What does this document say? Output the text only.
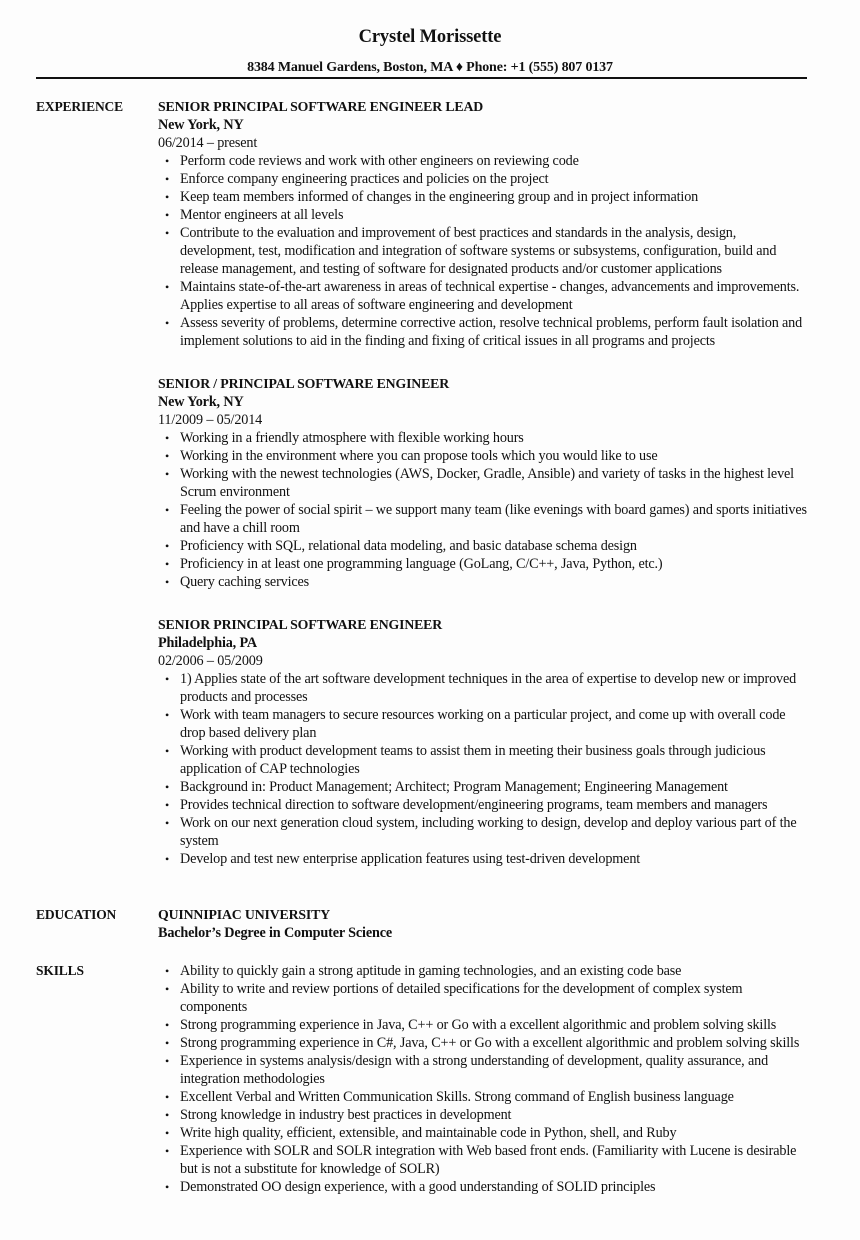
Crystel Morissette
8384 Manuel Gardens, Boston, MA ♦ Phone: +1 (555) 807 0137
EXPERIENCE	SENIOR PRINCIPAL SOFTWARE ENGINEER LEAD
New York, NY
06/2014 – present
• Perform code reviews and work with other engineers on reviewing code
• Enforce company engineering practices and policies on the project
• Keep team members informed of changes in the engineering group and in project information
• Mentor engineers at all levels
• Contribute to the evaluation and improvement of best practices and standards in the analysis, design, development, test, modification and integration of software systems or subsystems, configuration, build and release management, and testing of software for designated products and/or customer applications
• Maintains state-of-the-art awareness in areas of technical expertise - changes, advancements and improvements. Applies expertise to all areas of software engineering and development
• Assess severity of problems, determine corrective action, resolve technical problems, perform fault isolation and implement solutions to aid in the finding and fixing of critical issues in all programs and projects
SENIOR / PRINCIPAL SOFTWARE ENGINEER
New York, NY
11/2009 – 05/2014
• Working in a friendly atmosphere with flexible working hours
• Working in the environment where you can propose tools which you would like to use
• Working with the newest technologies (AWS, Docker, Gradle, Ansible) and variety of tasks in the highest level Scrum environment
• Feeling the power of social spirit – we support many team (like evenings with board games) and sports initiatives and have a chill room
• Proficiency with SQL, relational data modeling, and basic database schema design
• Proficiency in at least one programming language (GoLang, C/C++, Java, Python, etc.)
• Query caching services
SENIOR PRINCIPAL SOFTWARE ENGINEER
Philadelphia, PA
02/2006 – 05/2009
• 1) Applies state of the art software development techniques in the area of expertise to develop new or improved products and processes
• Work with team managers to secure resources working on a particular project, and come up with overall code drop based delivery plan
• Working with product development teams to assist them in meeting their business goals through judicious application of CAP technologies
• Background in: Product Management; Architect; Program Management; Engineering Management
• Provides technical direction to software development/engineering programs, team members and managers
• Work on our next generation cloud system, including working to design, develop and deploy various part of the system
• Develop and test new enterprise application features using test-driven development
EDUCATION	QUINNIPIAC UNIVERSITY
Bachelor’s Degree in Computer Science
SKILLS	• Ability to quickly gain a strong aptitude in gaming technologies, and an existing code base
• Ability to write and review portions of detailed specifications for the development of complex system components
• Strong programming experience in Java, C++ or Go with a excellent algorithmic and problem solving skills
• Strong programming experience in C#, Java, C++ or Go with a excellent algorithmic and problem solving skills
• Experience in systems analysis/design with a strong understanding of development, quality assurance, and integration methodologies
• Excellent Verbal and Written Communication Skills. Strong command of English business language
• Strong knowledge in industry best practices in development
• Write high quality, efficient, extensible, and maintainable code in Python, shell, and Ruby
• Experience with SOLR and SOLR integration with Web based front ends. (Familiarity with Lucene is desirable but is not a substitute for knowledge of SOLR)
• Demonstrated OO design experience, with a good understanding of SOLID principles
